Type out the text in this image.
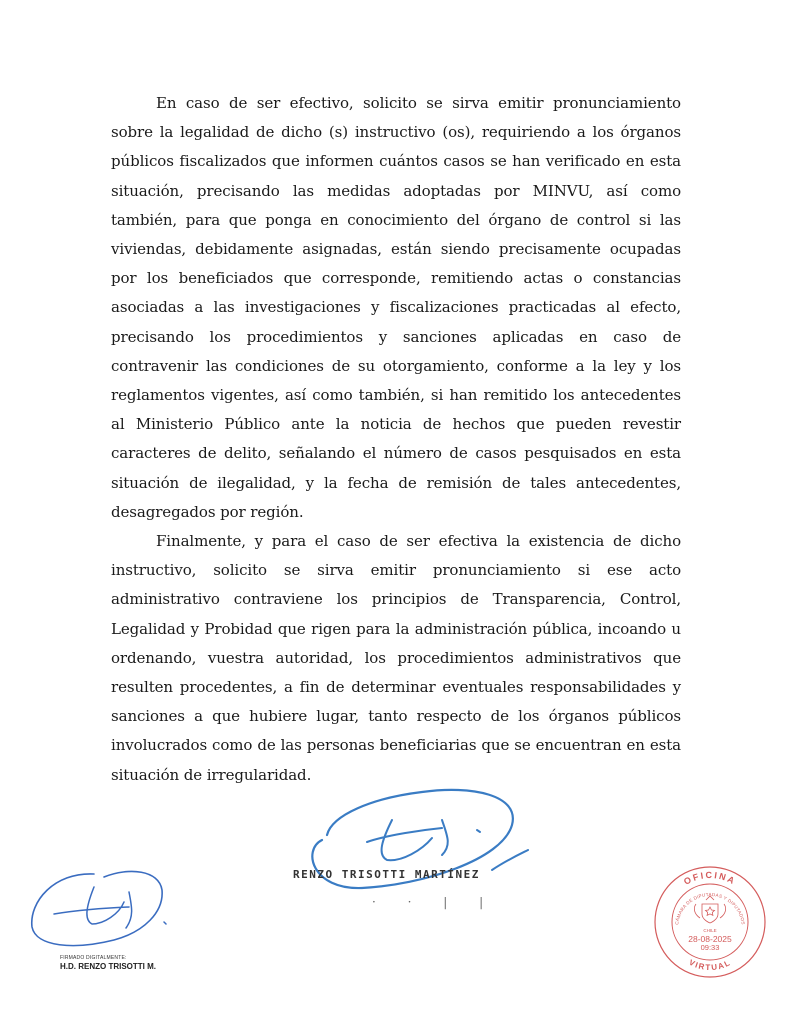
En caso de ser efectivo, solicito se sirva emitir pronunciamiento sobre la legalidad de dicho (s) instructivo (os), requiriendo a los órganos públicos fiscalizados que informen cuántos casos se han verificado en esta situación, precisando las medidas adoptadas por MINVU, así como también, para que ponga en conocimiento del órgano de control si las viviendas, debidamente asignadas, están siendo precisamente ocupadas por los beneficiados que corresponde, remitiendo actas o constancias asociadas a las investigaciones y fiscalizaciones practicadas al efecto, precisando los procedimientos y sanciones aplicadas en caso de contravenir las condiciones de su otorgamiento, conforme a la ley y los reglamentos vigentes, así como también, si han remitido los antecedentes al Ministerio Público ante la noticia de hechos que pueden revestir caracteres de delito, señalando el número de casos pesquisados en esta situación de ilegalidad, y la fecha de remisión de tales antecedentes, desagregados por región.

Finalmente, y para el caso de ser efectiva la existencia de dicho instructivo, solicito se sirva emitir pronunciamiento si ese acto administrativo contraviene los principios de Transparencia, Control, Legalidad y Probidad que rigen para la administración pública, incoando u ordenando, vuestra autoridad, los procedimientos administrativos que resulten procedentes, a fin de determinar eventuales responsabilidades y sanciones a que hubiere lugar, tanto respecto de los órganos públicos involucrados como de las personas beneficiarias que se encuentran en esta situación de irregularidad.

RENZO TRISOTTI MARTÍNEZ
· · | |
FIRMADO DIGITALMENTE:
H.D. RENZO TRISOTTI M.
OFICINA
CÁMARA DE DIPUTADAS Y DIPUTADOS
CHILE
28-08-2025
09:33
VIRTUAL
